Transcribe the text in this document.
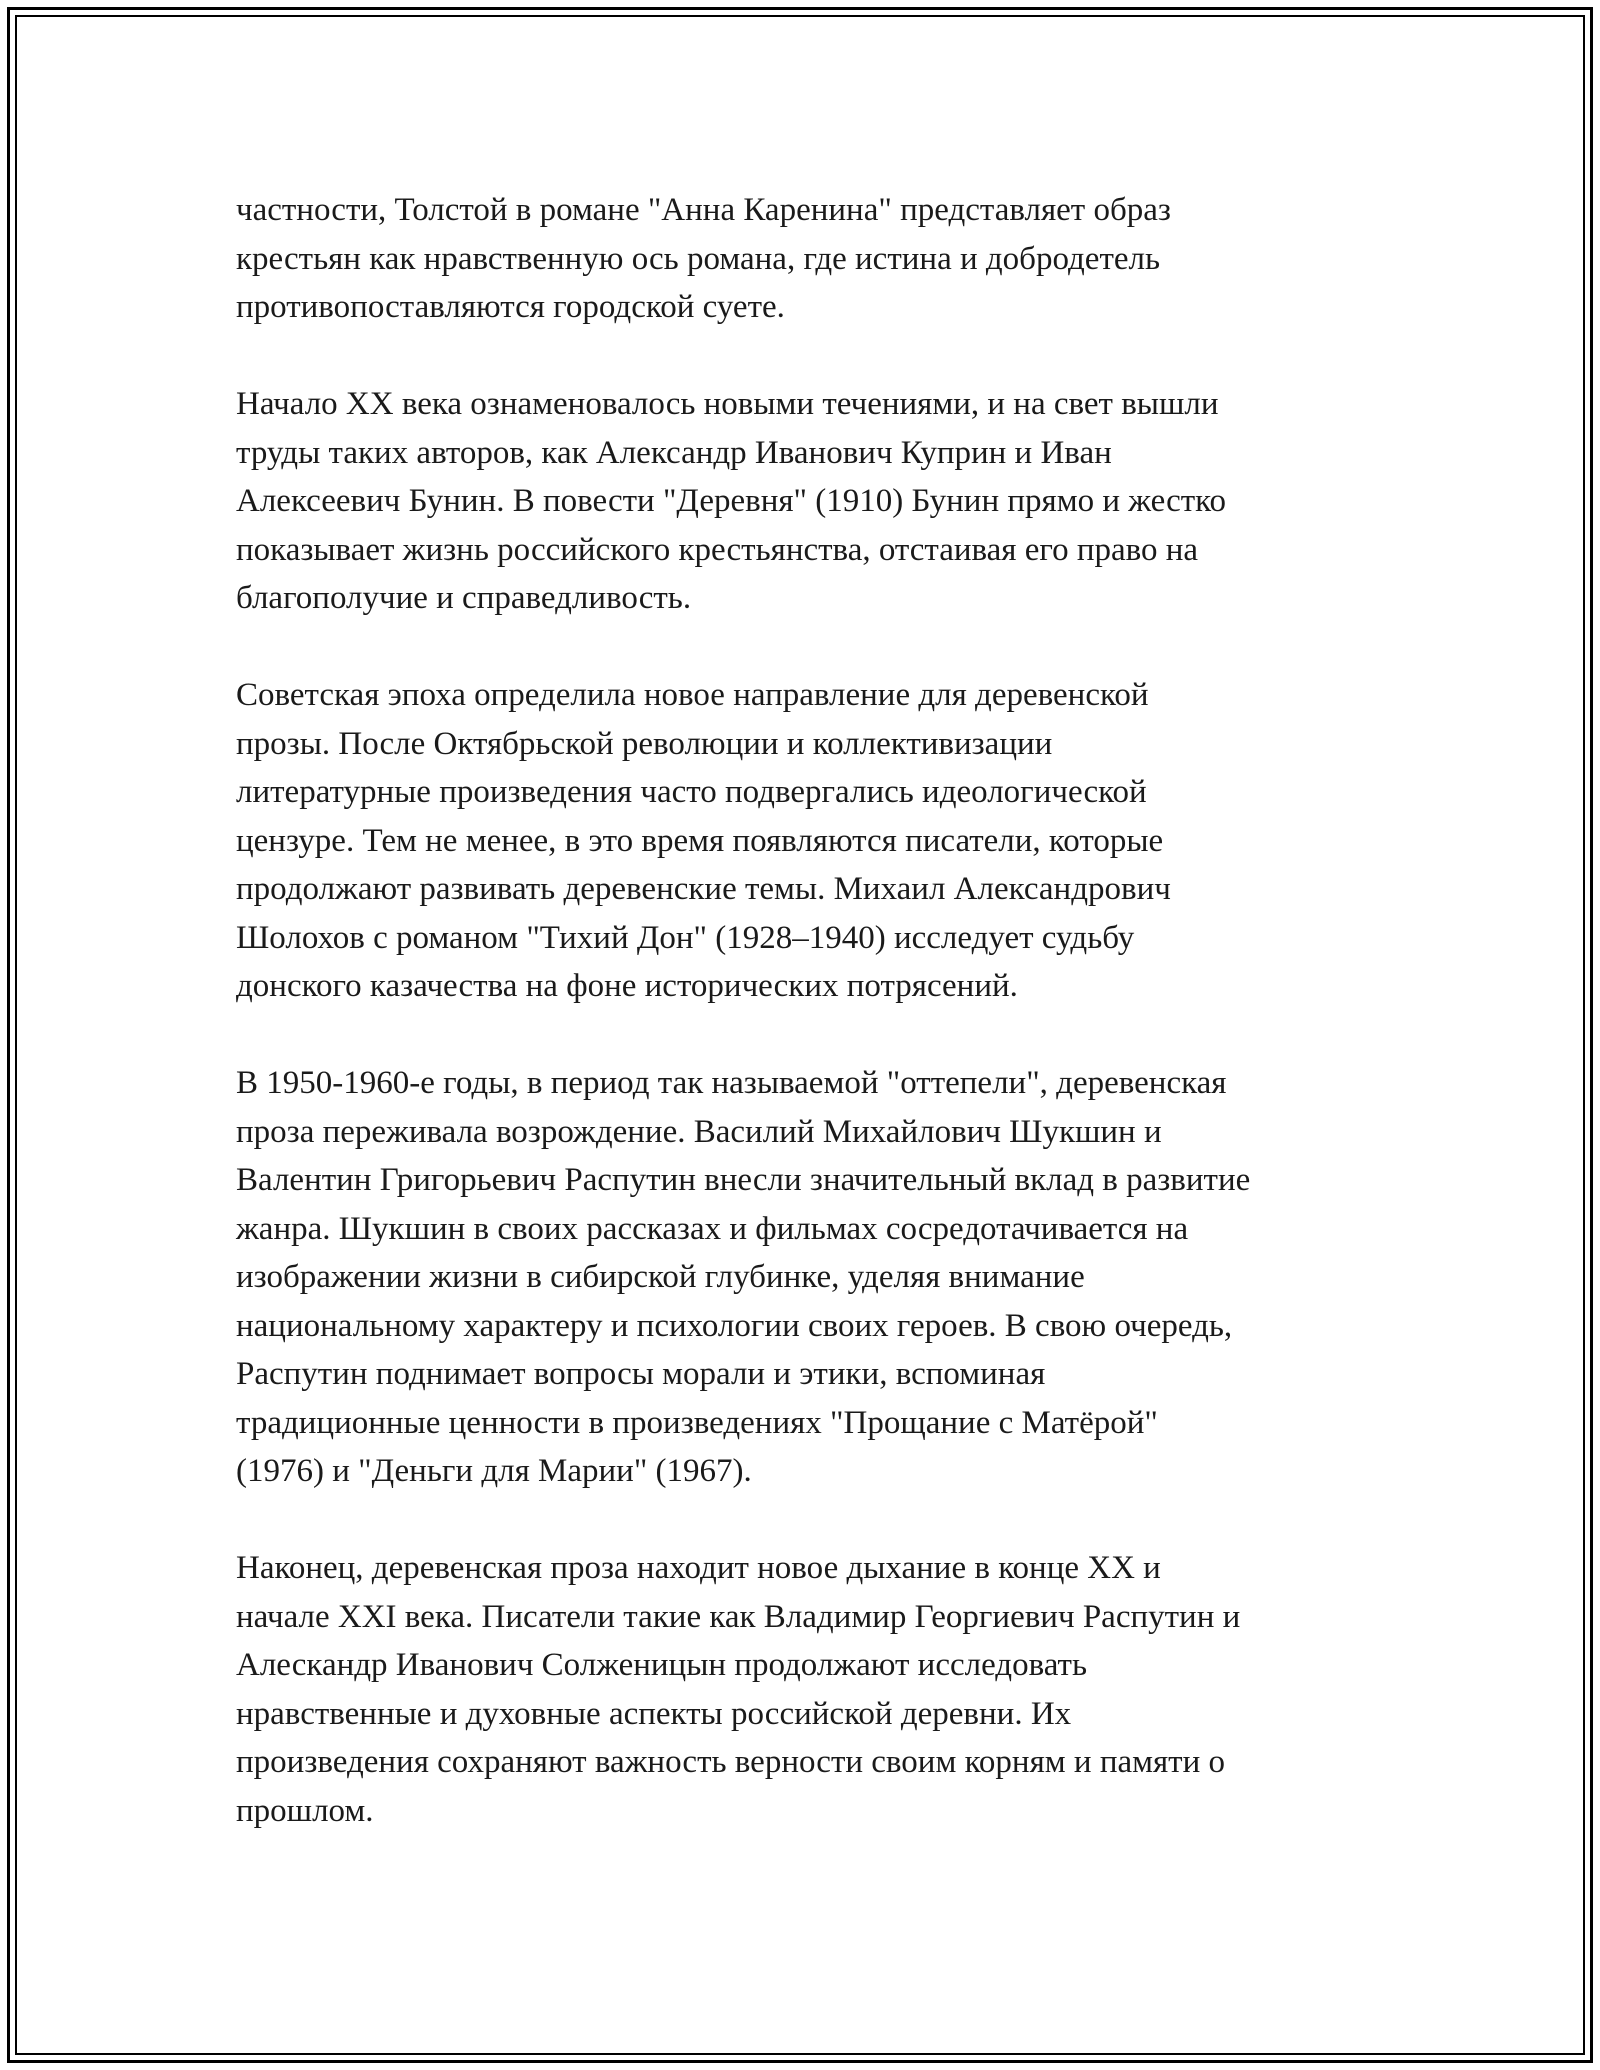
частности, Толстой в романе "Анна Каренина" представляет образ
крестьян как нравственную ось романа, где истина и добродетель
противопоставляются городской суете.

Начало XX века ознаменовалось новыми течениями, и на свет вышли
труды таких авторов, как Александр Иванович Куприн и Иван
Алексеевич Бунин. В повести "Деревня" (1910) Бунин прямо и жестко
показывает жизнь российского крестьянства, отстаивая его право на
благополучие и справедливость.

Советская эпоха определила новое направление для деревенской
прозы. После Октябрьской революции и коллективизации
литературные произведения часто подвергались идеологической
цензуре. Тем не менее, в это время появляются писатели, которые
продолжают развивать деревенские темы. Михаил Александрович
Шолохов с романом "Тихий Дон" (1928–1940) исследует судьбу
донского казачества на фоне исторических потрясений.

В 1950-1960-е годы, в период так называемой "оттепели", деревенская
проза переживала возрождение. Василий Михайлович Шукшин и
Валентин Григорьевич Распутин внесли значительный вклад в развитие
жанра. Шукшин в своих рассказах и фильмах сосредотачивается на
изображении жизни в сибирской глубинке, уделяя внимание
национальному характеру и психологии своих героев. В свою очередь,
Распутин поднимает вопросы морали и этики, вспоминая
традиционные ценности в произведениях "Прощание с Матёрой"
(1976) и "Деньги для Марии" (1967).

Наконец, деревенская проза находит новое дыхание в конце XX и
начале XXI века. Писатели такие как Владимир Георгиевич Распутин и
Алескандр Иванович Солженицын продолжают исследовать
нравственные и духовные аспекты российской деревни. Их
произведения сохраняют важность верности своим корням и памяти о
прошлом.
